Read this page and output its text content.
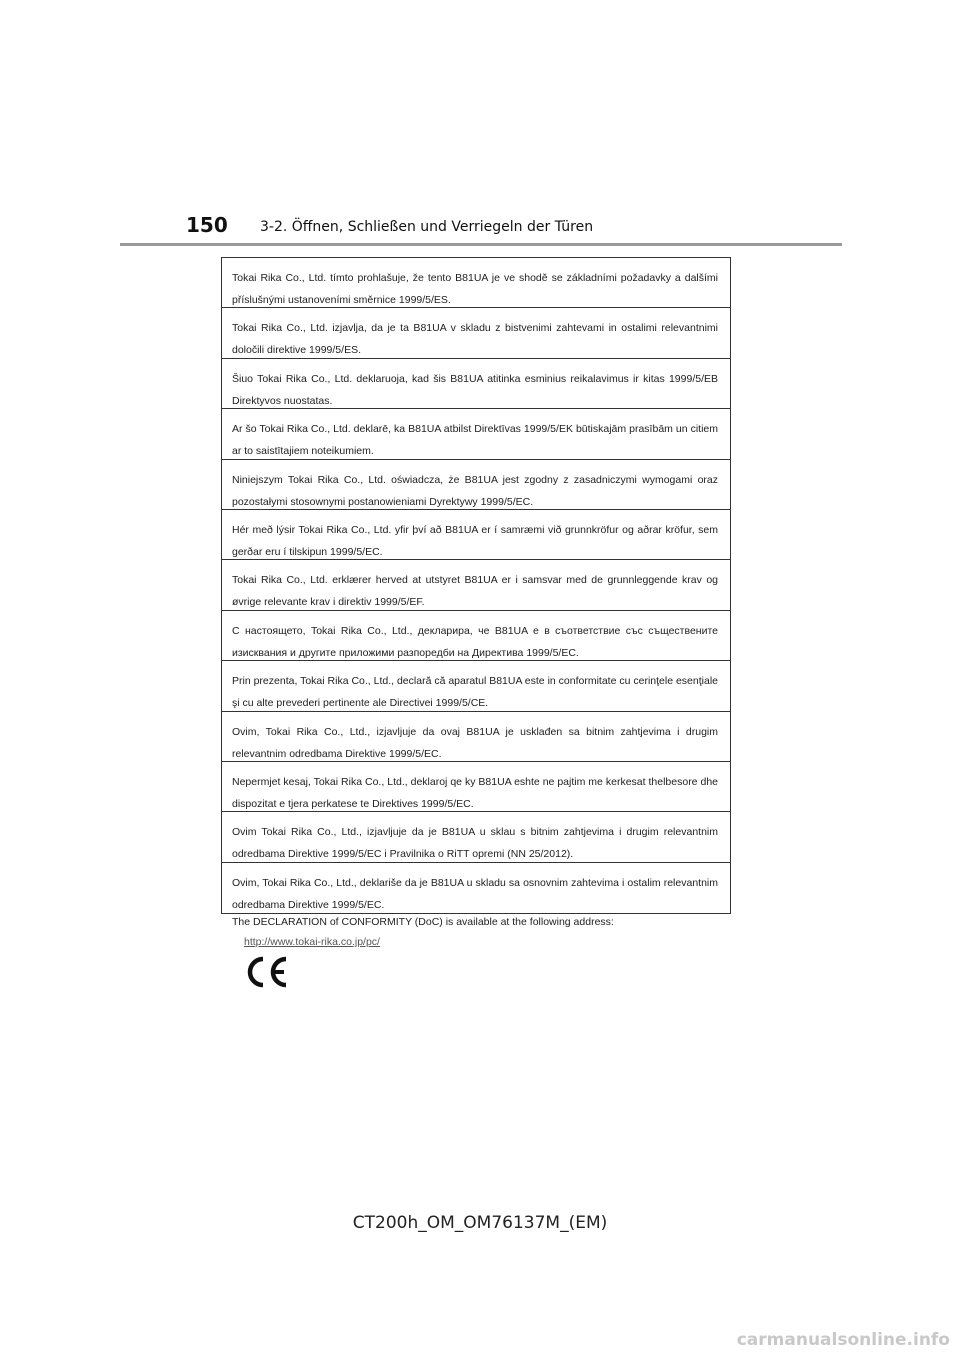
150 3-2. Öffnen, Schließen und Verriegeln der Türen
Tokai Rika Co., Ltd. tímto prohlašuje, že tento B81UA je ve shodě se základními požadavky a dalšími příslušnými ustanoveními směrnice 1999/5/ES.
Tokai Rika Co., Ltd. izjavlja, da je ta B81UA v skladu z bistvenimi zahtevami in ostalimi relevantnimi določili direktive 1999/5/ES.
Šiuo Tokai Rika Co., Ltd. deklaruoja, kad šis B81UA atitinka esminius reikalavimus ir kitas 1999/5/EB Direktyvos nuostatas.
Ar šo Tokai Rika Co., Ltd. deklarē, ka B81UA atbilst Direktīvas 1999/5/EK būtiskajām prasībām un citiem ar to saistītajiem noteikumiem.
Niniejszym Tokai Rika Co., Ltd. oświadcza, że B81UA jest zgodny z zasadniczymi wymogami oraz pozostałymi stosownymi postanowieniami Dyrektywy 1999/5/EC.
Hér með lýsir Tokai Rika Co., Ltd. yfir því að B81UA er í samræmi við grunnkröfur og aðrar kröfur, sem gerðar eru í tilskipun 1999/5/EC.
Tokai Rika Co., Ltd. erklærer herved at utstyret B81UA er i samsvar med de grunnleggende krav og øvrige relevante krav i direktiv 1999/5/EF.
С настоящето, Tokai Rika Co., Ltd., декларира, че B81UA е в съответствие със съществените изисквания и другите приложими разпоредби на Директива 1999/5/ЕС.
Prin prezenta, Tokai Rika Co., Ltd., declară că aparatul B81UA este in conformitate cu cerinţele esenţiale şi cu alte prevederi pertinente ale Directivei 1999/5/CE.
Ovim, Tokai Rika Co., Ltd., izjavljuje da ovaj B81UA je usklađen sa bitnim zahtjevima i drugim relevantnim odredbama Direktive 1999/5/EC.
Nepermjet kesaj, Tokai Rika Co., Ltd., deklaroj qe ky B81UA eshte ne pajtim me kerkesat thelbesore dhe dispozitat e tjera perkatese te Direktives 1999/5/EC.
Ovim Tokai Rika Co., Ltd., izjavljuje da je B81UA u sklau s bitnim zahtjevima i drugim relevantnim odredbama Direktive 1999/5/EC i Pravilnika o RiTT opremi (NN 25/2012).
Ovim, Tokai Rika Co., Ltd., deklariše da je B81UA u skladu sa osnovnim zahtevima i ostalim relevantnim odredbama Direktive 1999/5/EC.
The DECLARATION of CONFORMITY (DoC) is available at the following address:
http://www.tokai-rika.co.jp/pc/
CT200h_OM_OM76137M_(EM)
carmanualsonline.info
